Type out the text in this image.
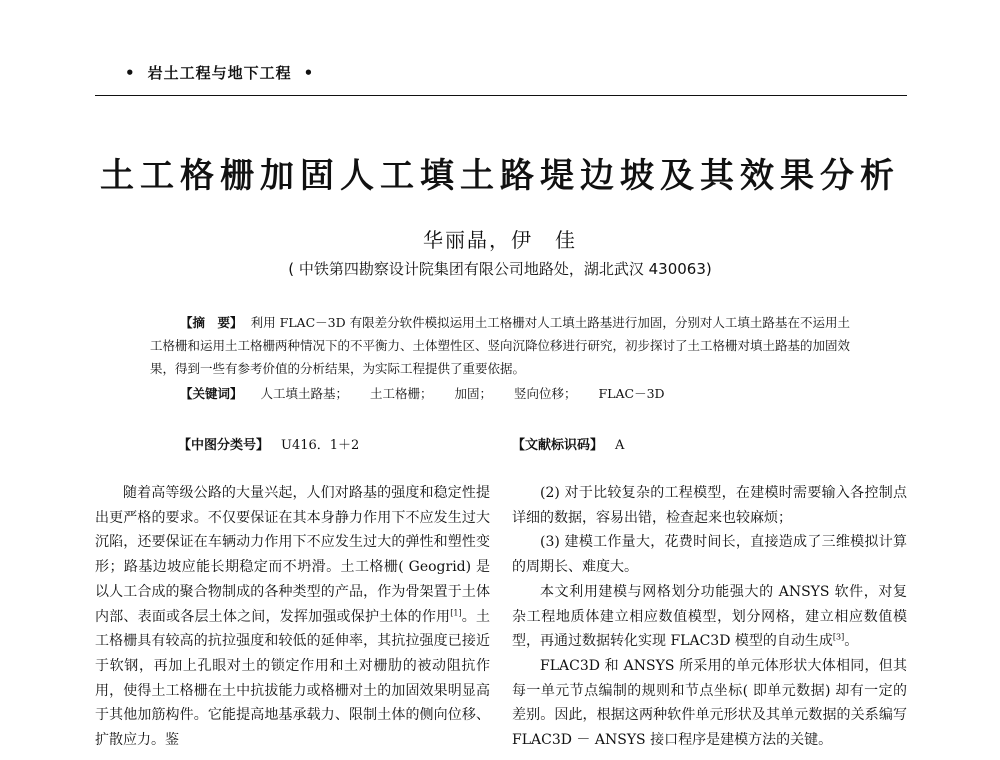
• 岩土工程与地下工程 •
土工格栅加固人工填土路堤边坡及其效果分析
华丽晶，伊　佳
( 中铁第四勘察设计院集团有限公司地路处，湖北武汉 430063)
【摘　要】 利用 FLAC－3D 有限差分软件模拟运用土工格栅对人工填土路基进行加固，分别对人工填土路基在不运用土工格栅和运用土工格栅两种情况下的不平衡力、土体塑性区、竖向沉降位移进行研究，初步探讨了土工格栅对填土路基的加固效果，得到一些有参考价值的分析结果，为实际工程提供了重要依据。
【关键词】 人工填土路基； 土工格栅； 加固； 竖向位移； FLAC－3D
【中图分类号】 U416．1＋2	【文献标识码】 A

随着高等级公路的大量兴起，人们对路基的强度和稳定性提出更严格的要求。不仅要保证在其本身静力作用下不应发生过大沉陷，还要保证在车辆动力作用下不应发生过大的弹性和塑性变形；路基边坡应能长期稳定而不坍滑。土工格栅( Geogrid) 是以人工合成的聚合物制成的各种类型的产品，作为骨架置于土体内部、表面或各层土体之间，发挥加强或保护土体的作用[1]。土工格栅具有较高的抗拉强度和较低的延伸率，其抗拉强度已接近于软钢，再加上孔眼对土的锁定作用和土对栅肋的被动阻抗作用，使得土工格栅在土中抗拔能力或格栅对土的加固效果明显高于其他加筋构件。它能提高地基承载力、限制土体的侧向位移、扩散应力。鉴

(2) 对于比较复杂的工程模型，在建模时需要输入各控制点详细的数据，容易出错，检查起来也较麻烦；

(3) 建模工作量大，花费时间长，直接造成了三维模拟计算的周期长、难度大。

本文利用建模与网格划分功能强大的 ANSYS 软件，对复杂工程地质体建立相应数值模型，划分网格，建立相应数值模型，再通过数据转化实现 FLAC3D 模型的自动生成[3]。

FLAC3D 和 ANSYS 所采用的单元体形状大体相同，但其每一单元节点编制的规则和节点坐标( 即单元数据) 却有一定的差别。因此，根据这两种软件单元形状及其单元数据的关系编写 FLAC3D － ANSYS 接口程序是建模方法的关键。
